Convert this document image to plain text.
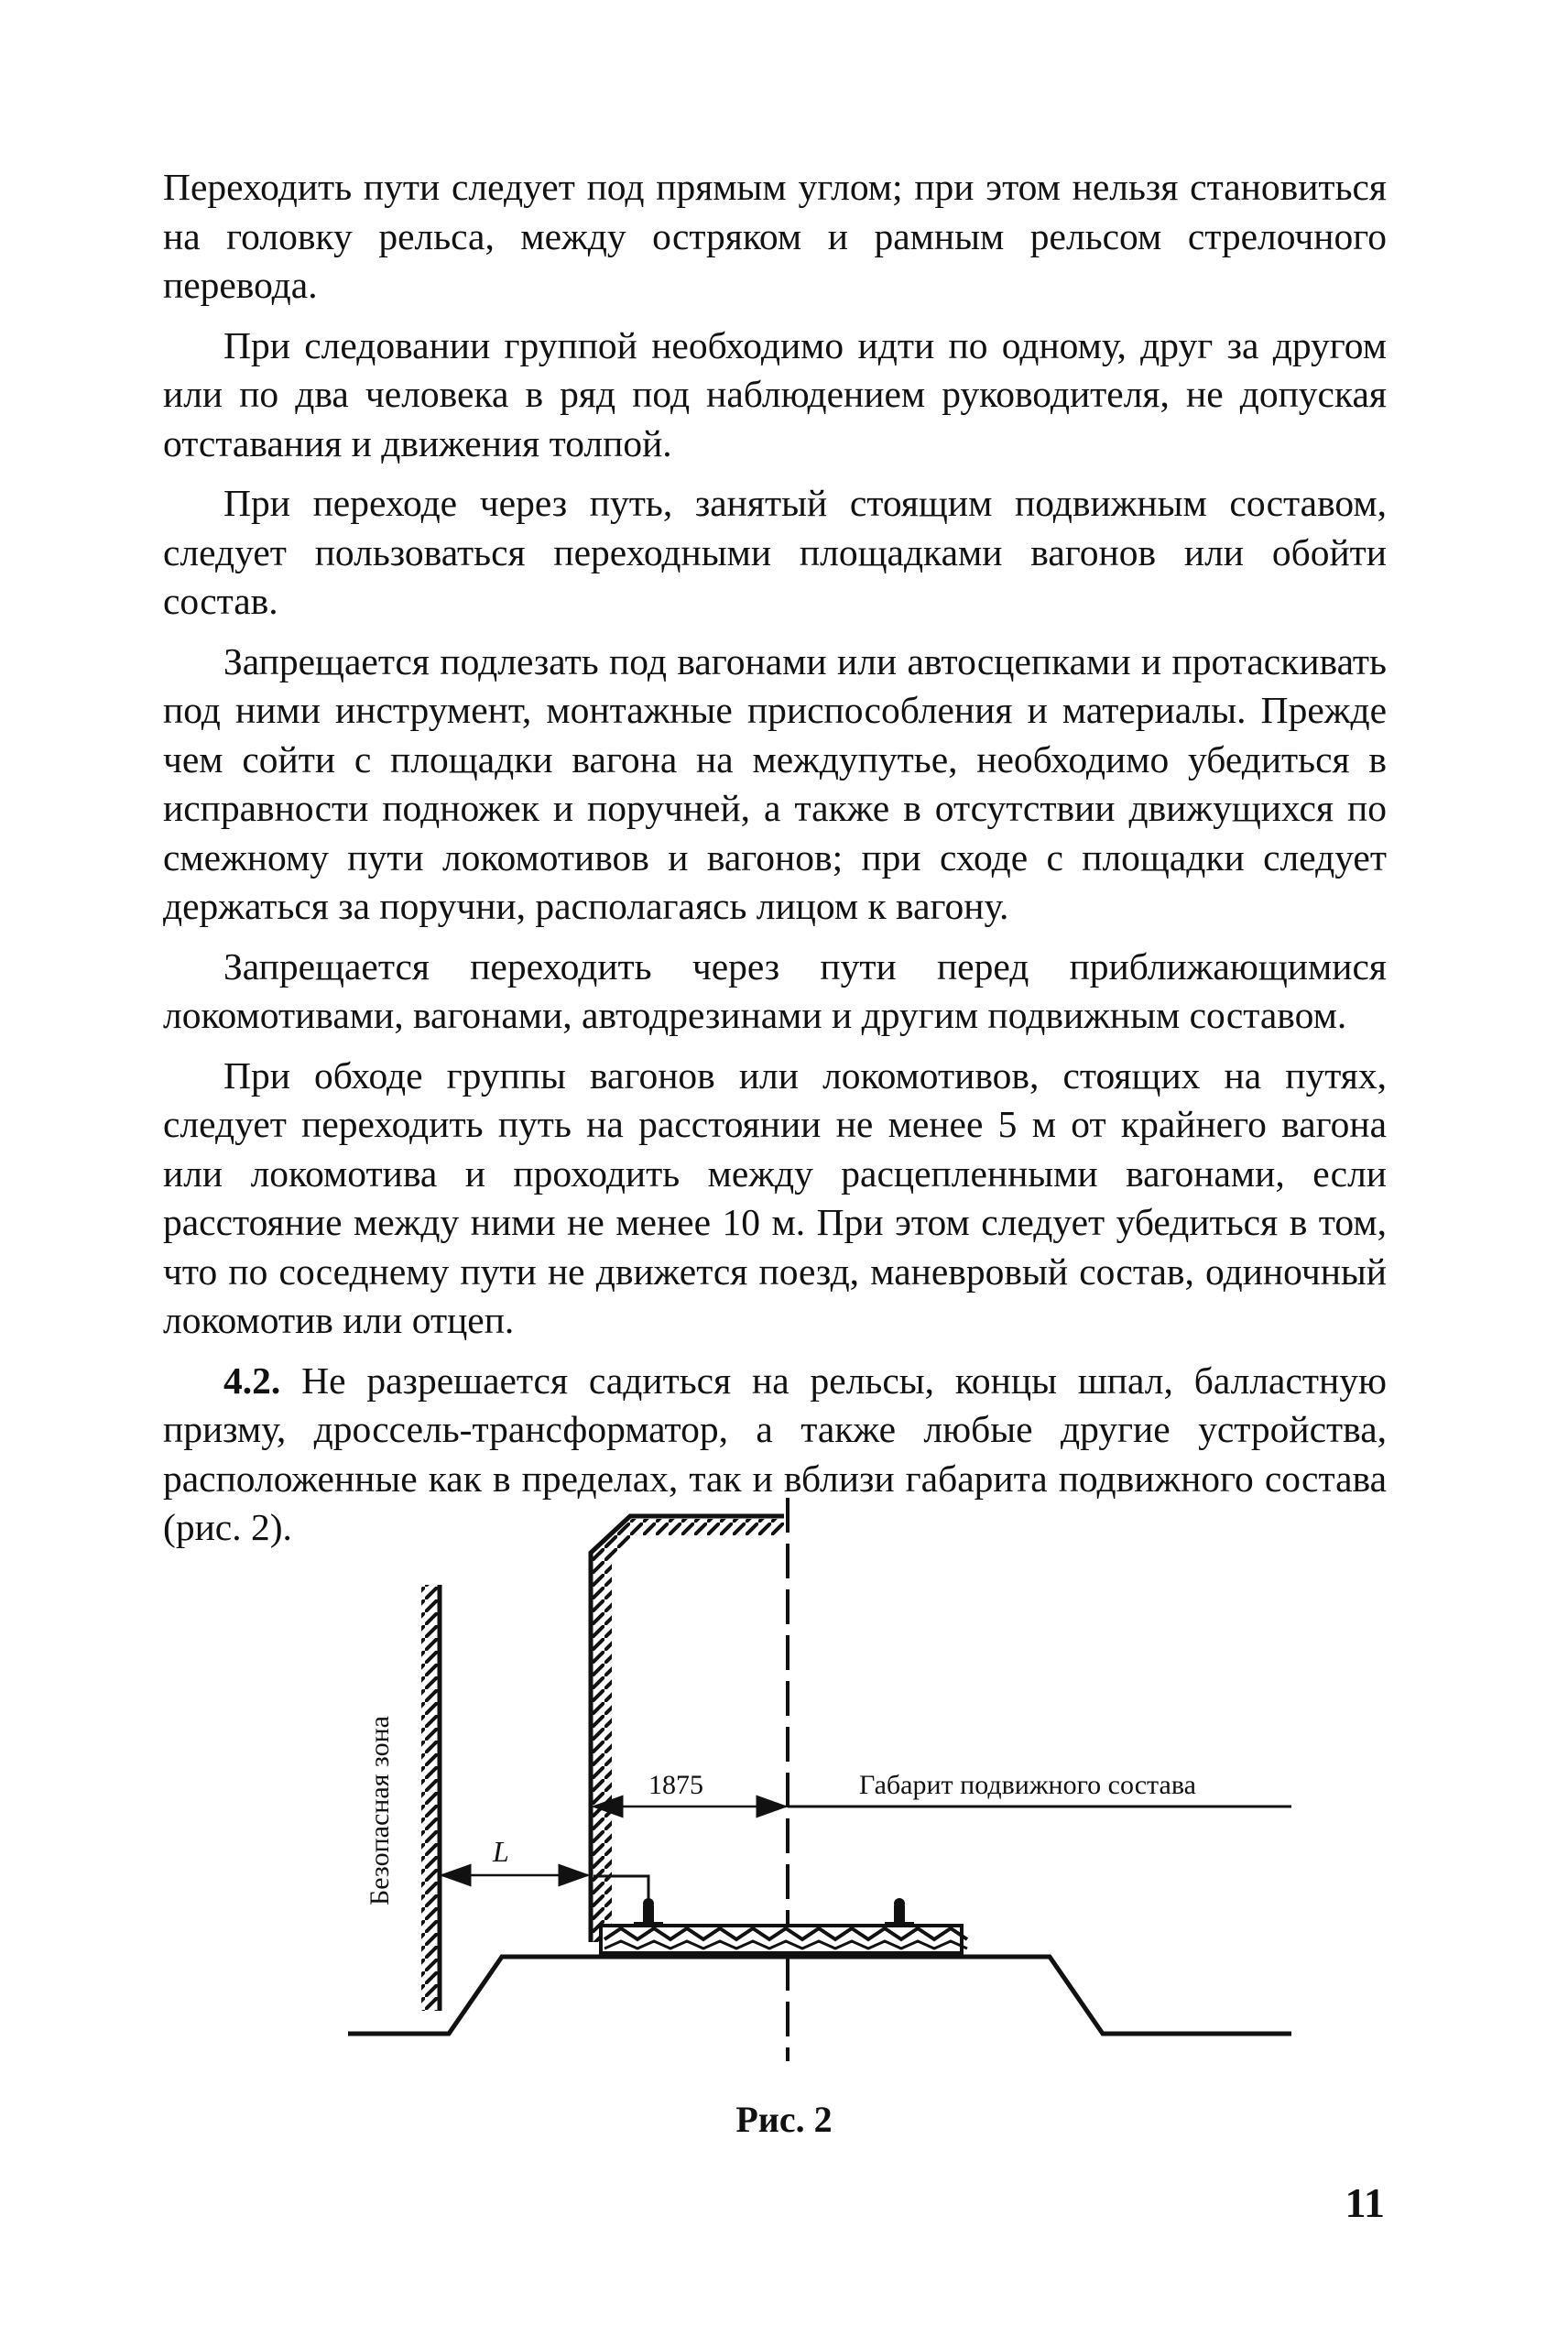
Переходить пути следует под прямым углом; при этом нельзя становиться на головку рельса, между остряком и рамным рельсом стрелочного перевода.

При следовании группой необходимо идти по одному, друг за другом или по два человека в ряд под наблюдением руководителя, не допуская отставания и движения толпой.

При переходе через путь, занятый стоящим подвижным составом, следует пользоваться переходными площадками вагонов или обойти состав.

Запрещается подлезать под вагонами или автосцепками и протаскивать под ними инструмент, монтажные приспособления и материалы. Прежде чем сойти с площадки вагона на междупутье, необходимо убедиться в исправности подножек и поручней, а также в отсутствии движущихся по смежному пути локомотивов и вагонов; при сходе с площадки следует держаться за поручни, располагаясь лицом к вагону.

Запрещается переходить через пути перед приближающимися локомотивами, вагонами, автодрезинами и другим подвижным составом.

При обходе группы вагонов или локомотивов, стоящих на путях, следует переходить путь на расстоянии не менее 5 м от крайнего вагона или локомотива и проходить между расцепленными вагонами, если расстояние между ними не менее 10 м. При этом следует убедиться в том, что по соседнему пути не движется поезд, маневровый состав, одиночный локомотив или отцеп.

4.2. Не разрешается садиться на рельсы, концы шпал, балластную призму, дроссель-трансформатор, а также любые другие устройства, расположенные как в пределах, так и вблизи габарита подвижного состава (рис. 2).

Безопасная зона	L
1875	Габарит подвижного состава
Рис. 2
11
